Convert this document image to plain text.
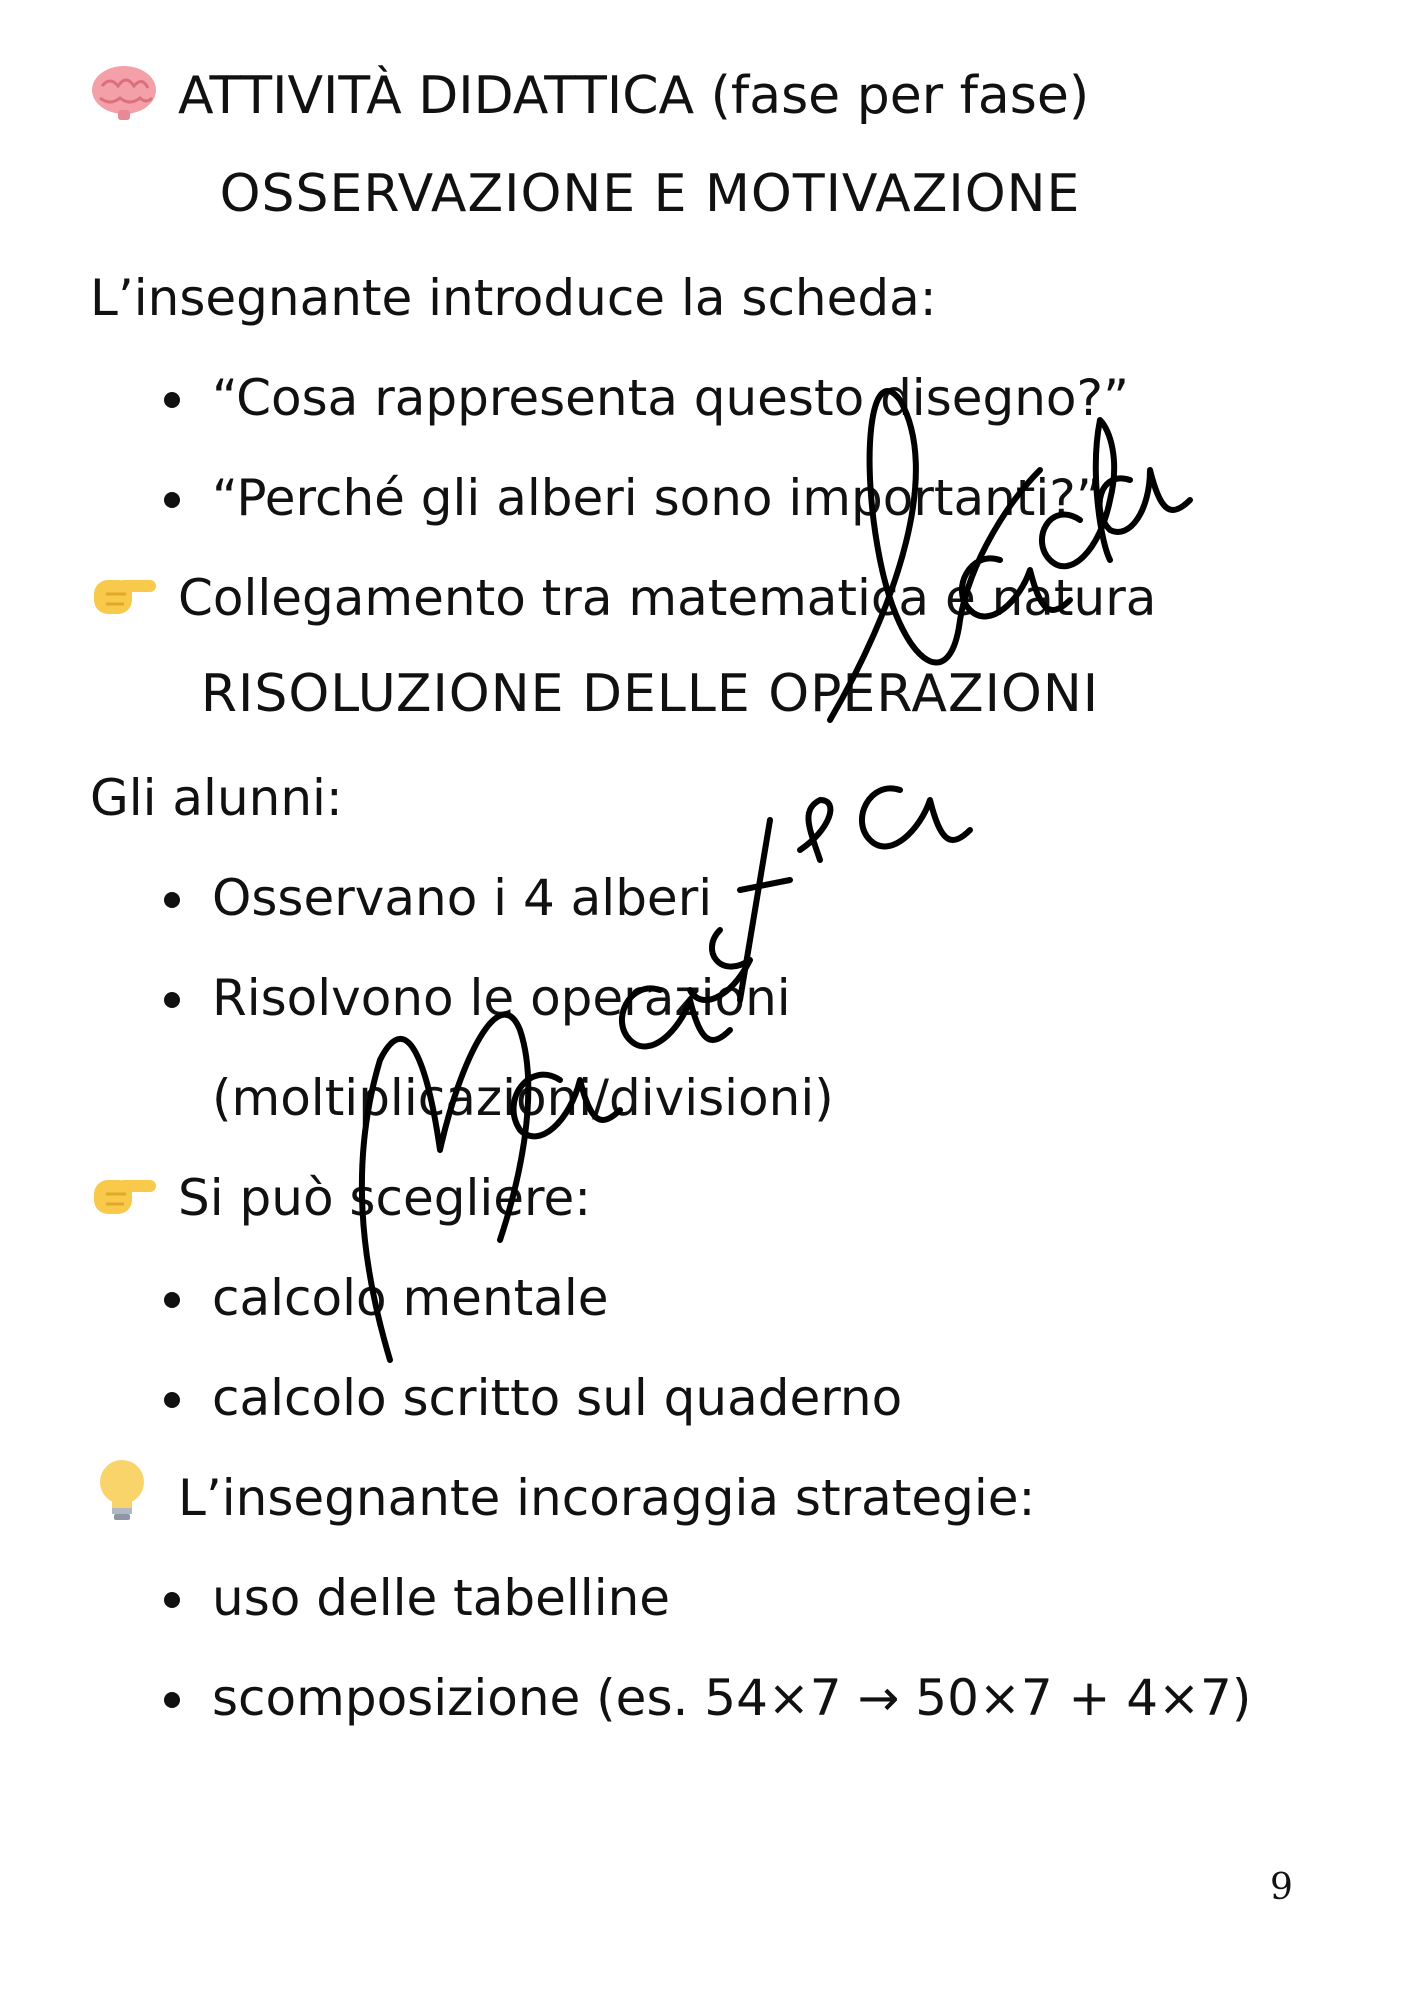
ATTIVITÀ DIDATTICA (fase per fase)
OSSERVAZIONE E MOTIVAZIONE
L’insegnante introduce la scheda:
“Cosa rappresenta questo disegno?”
“Perché gli alberi sono importanti?”
Collegamento tra matematica e natura
RISOLUZIONE DELLE OPERAZIONI
Gli alunni:
Osservano i 4 alberi
Risolvono le operazioni
(moltiplicazioni/divisioni)
Si può scegliere:
calcolo mentale
calcolo scritto sul quaderno
L’insegnante incoraggia strategie:
uso delle tabelline
scomposizione (es. 54×7 → 50×7 + 4×7)
9
